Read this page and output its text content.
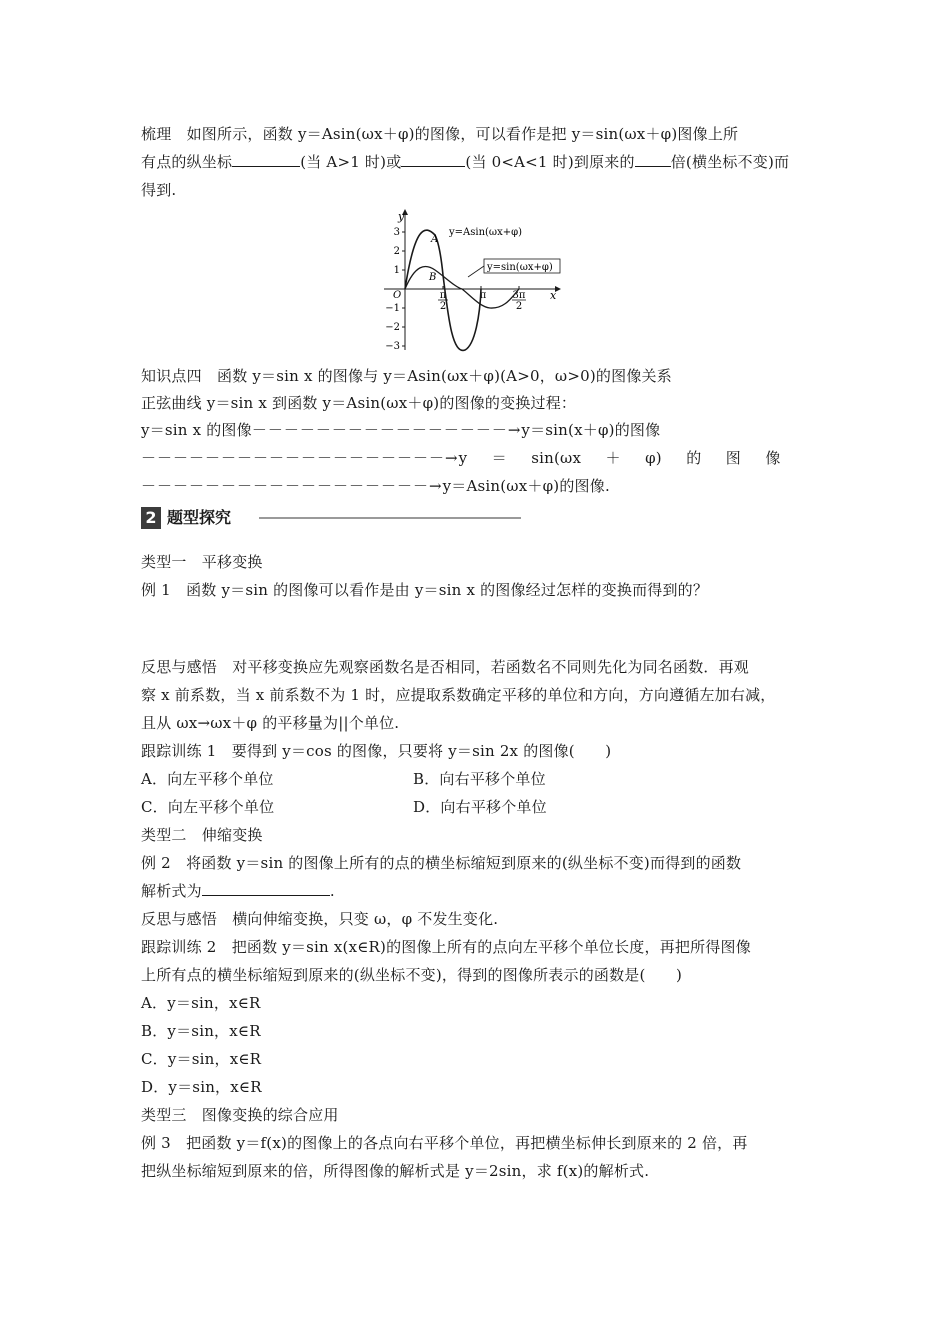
梳理　如图所示，函数 y＝Asin(ωx＋φ)的图像，可以看作是把 y＝sin(ωx＋φ)图像上所
有点的纵坐标	(当 A>1 时)或	(当 0<A<1 时)到原来的 倍(横坐标不变)而
得到.
y
x
O
3
2
1
−1
−2
−3
π
2
π	3π
2
A
B
y=Asin(ωx+φ)
y=sin(ωx+φ)
知识点四　函数 y＝sin x 的图像与 y＝Asin(ωx＋φ)(A>0，ω>0)的图像关系
正弦曲线 y＝sin x 到函数 y＝Asin(ωx＋φ)的图像的变换过程：
y＝sin x 的图像－－－－－－－－－－－－－－－－→y＝sin(x＋φ)的图像
－－－－－－－－－－－－－－－－－－－→ y ＝ sin(ωx ＋ φ) 的 图 像
－－－－－－－－－－－－－－－－－－→y＝Asin(ωx＋φ)的图像.
2 题型探究
类型一　平移变换
例 1　函数 y＝sin 的图像可以看作是由 y＝sin x 的图像经过怎样的变换而得到的？
反思与感悟　对平移变换应先观察函数名是否相同，若函数名不同则先化为同名函数．再观
察 x 前系数，当 x 前系数不为 1 时，应提取系数确定平移的单位和方向，方向遵循左加右减，
且从 ωx→ωx＋φ 的平移量为||个单位.
跟踪训练 1　要得到 y＝cos 的图像，只要将 y＝sin 2x 的图像(　　)
A．向左平移个单位	B．向右平移个单位
C．向左平移个单位	D．向右平移个单位
类型二　伸缩变换
例 2　将函数 y＝sin 的图像上所有的点的横坐标缩短到原来的(纵坐标不变)而得到的函数
解析式为	.
反思与感悟　横向伸缩变换，只变 ω，φ 不发生变化.
跟踪训练 2　把函数 y＝sin x(x∈R)的图像上所有的点向左平移个单位长度，再把所得图像
上所有点的横坐标缩短到原来的(纵坐标不变)，得到的图像所表示的函数是(　　)
A．y＝sin，x∈R
B．y＝sin，x∈R
C．y＝sin，x∈R
D．y＝sin，x∈R
类型三　图像变换的综合应用
例 3　把函数 y＝f(x)的图像上的各点向右平移个单位，再把横坐标伸长到原来的 2 倍，再
把纵坐标缩短到原来的倍，所得图像的解析式是 y＝2sin，求 f(x)的解析式.
